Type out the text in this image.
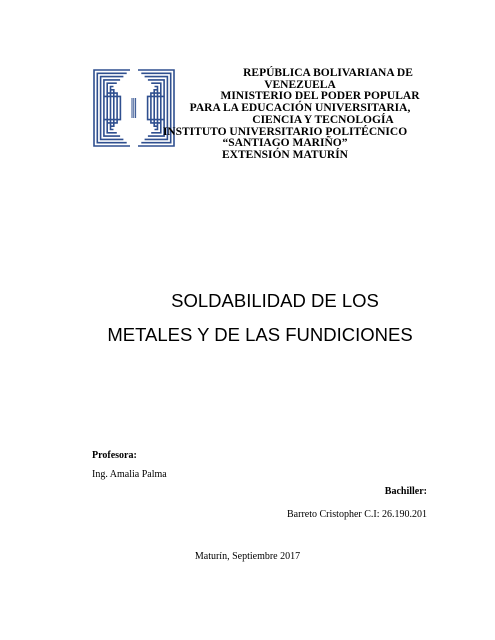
REPÚBLICA BOLIVARIANA DE
VENEZUELA
MINISTERIO DEL PODER POPULAR
PARA LA EDUCACIÓN UNIVERSITARIA,
CIENCIA Y TECNOLOGÍA
INSTITUTO UNIVERSITARIO POLITÉCNICO
“SANTIAGO MARIÑO”
EXTENSIÓN MATURÍN
SOLDABILIDAD DE LOS
METALES Y DE LAS FUNDICIONES
Profesora:
Ing. Amalia Palma
Bachiller:
Barreto Cristopher C.I: 26.190.201
Maturín, Septiembre 2017
